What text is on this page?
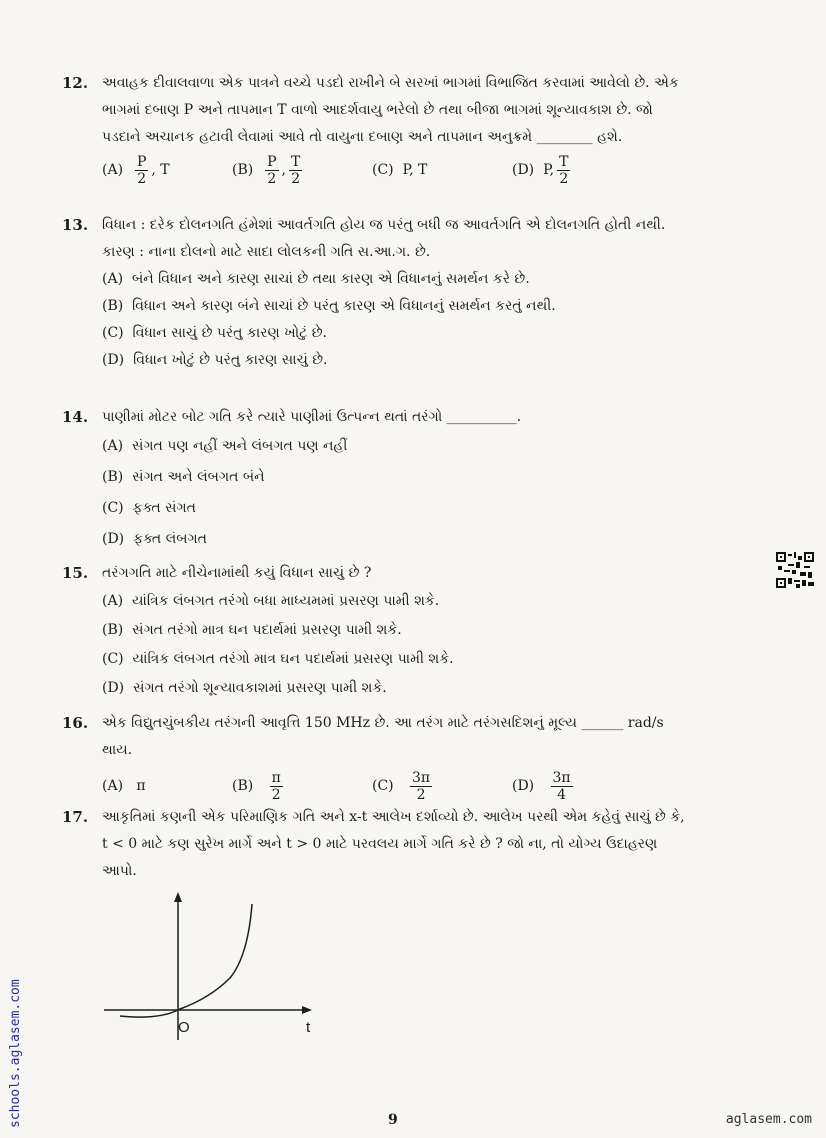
12. અવાહક દીવાલવાળા એક પાત્રને વચ્ચે પડદો રાખીને બે સરખાં ભાગમાં વિભાજિત કરવામાં આવેલો છે. એક ભાગમાં દબાણ P અને તાપમાન T વાળો આદર્શવાયુ ભરેલો છે તથા બીજા ભાગમાં શૂન્યાવકાશ છે. જો પડદાને અચાનક હટાવી લેવામાં આવે તો વાયુના દબાણ અને તાપમાન અનુક્રમે ________ હશે.
(A)
$\frac{P}{2}$ , T	(B)
$\frac{P}{2}$ , $\frac{T}{2}$	(C)
P, T	(D)
P, $\frac{T}{2}$
13. વિધાન : દરેક દોલનગતિ હંમેશાં આવર્તગતિ હોય જ પરંતુ બધી જ આવર્તગતિ એ દોલનગતિ હોતી નથી.
કારણ : નાના દોલનો માટે સાદા લોલકની ગતિ સ.આ.ગ. છે.
(A) બંને વિધાન અને કારણ સાચાં છે તથા કારણ એ વિધાનનું સમર્થન કરે છે.
(B) વિધાન અને કારણ બંને સાચાં છે પરંતુ કારણ એ વિધાનનું સમર્થન કરતું નથી.
(C) વિધાન સાચું છે પરંતુ કારણ ખોટું છે.
(D) વિધાન ખોટું છે પરંતુ કારણ સાચું છે.
14. પાણીમાં મોટર બોટ ગતિ કરે ત્યારે પાણીમાં ઉત્પન્ન થતાં તરંગો __________.
(A) સંગત પણ નહીં અને લંબગત પણ નહીં
(B) સંગત અને લંબગત બંને
(C) ફક્ત સંગત
(D) ફક્ત લંબગત
15. તરંગગતિ માટે નીચેનામાંથી કયું વિધાન સાચું છે ?
(A) યાંત્રિક લંબગત તરંગો બધા માધ્યમમાં પ્રસરણ પામી શકે.
(B) સંગત તરંગો માત્ર ઘન પદાર્થમાં પ્રસરણ પામી શકે.
(C) યાંત્રિક લંબગત તરંગો માત્ર ઘન પદાર્થમાં પ્રસરણ પામી શકે.
(D) સંગત તરંગો શૂન્યાવકાશમાં પ્રસરણ પામી શકે.
16. એક વિદ્યુતચુંબકીય તરંગની આવૃત્તિ 150 MHz છે. આ તરંગ માટે તરંગસદિશનું મૂલ્ય ______ rad/s થાય.
(A)
π	(B)
$\frac{\pi}{2}$	(C)
$\frac{3\pi}{2}$	(D)
$\frac{3\pi}{4}$
17. આકૃતિમાં કણની એક પરિમાણિક ગતિ અને x-t આલેખ દર્શાવ્યો છે. આલેખ પરથી એમ કહેવું સાચું છે કે, t < 0 માટે કણ સુરેખ માર્ગે અને t > 0 માટે પરવલય માર્ગે ગતિ કરે છે ? જો ના, તો યોગ્ય ઉદાહરણ આપો.
O	t
9
schools.aglasem.com	aglasem.com
